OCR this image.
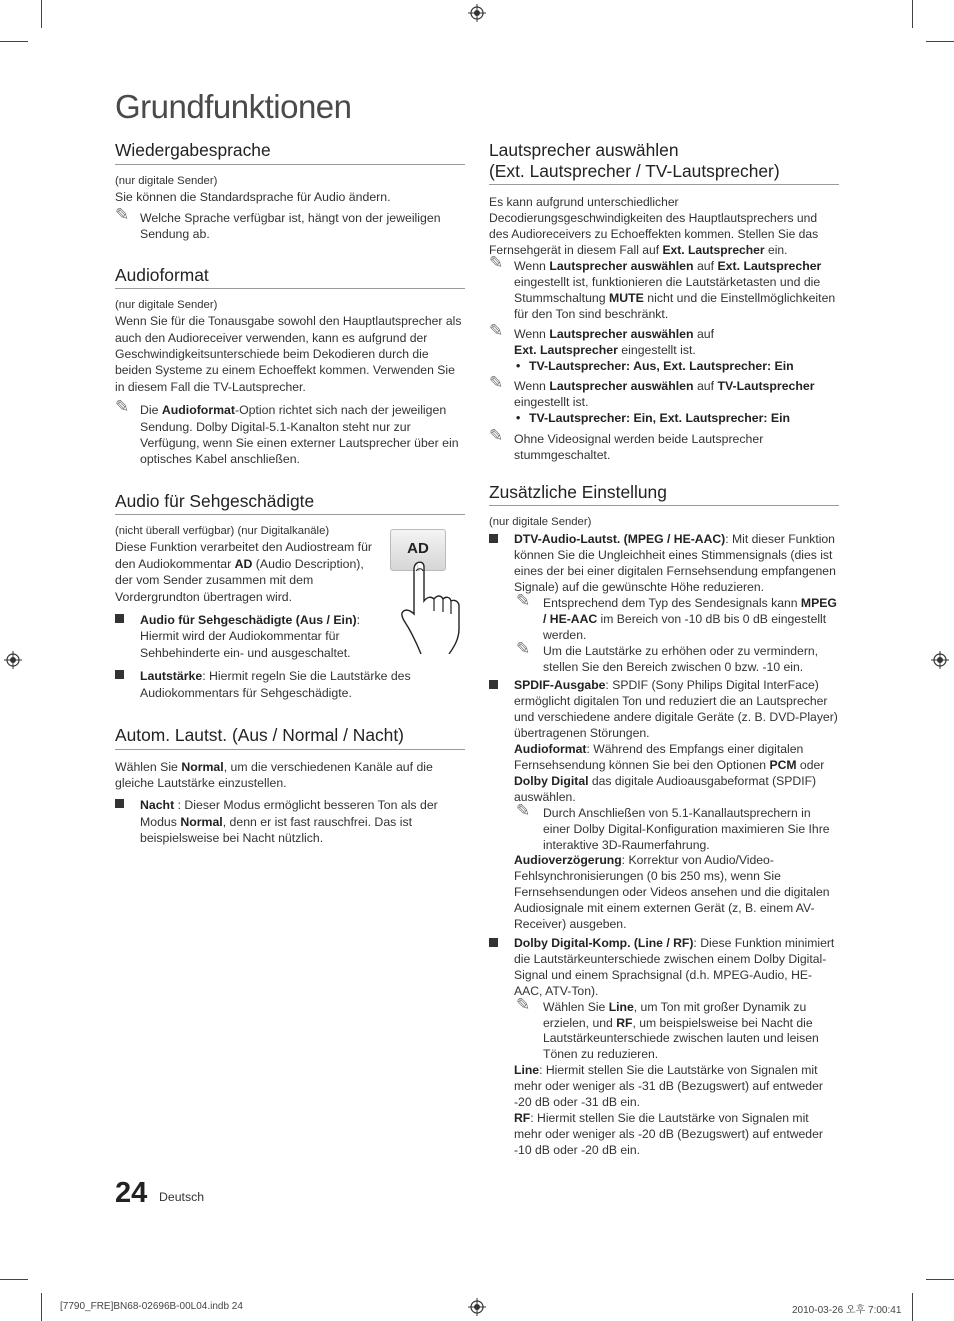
Grundfunktionen
Wiedergabesprache

(nur digitale Sender)

Sie können die Standardsprache für Audio ändern.

✎ Welche Sprache verfügbar ist, hängt von der jeweiligen Sendung ab.

Audioformat

(nur digitale Sender)

Wenn Sie für die Tonausgabe sowohl den Hauptlautsprecher als auch den Audioreceiver verwenden, kann es aufgrund der Geschwindigkeitsunterschiede beim Dekodieren durch die beiden Systeme zu einem Echoeffekt kommen. Verwenden Sie in diesem Fall die TV-Lautsprecher.

✎ Die Audioformat-Option richtet sich nach der jeweiligen Sendung. Dolby Digital-5.1-Kanalton steht nur zur Verfügung, wenn Sie einen externer Lautsprecher über ein optisches Kabel anschließen.

Audio für Sehgeschädigte
AD

(nicht überall verfügbar) (nur Digitalkanäle)

Diese Funktion verarbeitet den Audiostream für den Audiokommentar AD (Audio Description), der vom Sender zusammen mit dem Vordergrundton übertragen wird.

Audio für Sehgeschädigte (Aus / Ein): Hiermit wird der Audiokommentar für Sehbehinderte ein- und ausgeschaltet.

Lautstärke: Hiermit regeln Sie die Lautstärke des Audiokommentars für Sehgeschädigte.

Autom. Lautst. (Aus / Normal / Nacht)

Wählen Sie Normal, um die verschiedenen Kanäle auf die gleiche Lautstärke einzustellen.

Nacht : Dieser Modus ermöglicht besseren Ton als der Modus Normal, denn er ist fast rauschfrei. Das ist beispielsweise bei Nacht nützlich.

Lautsprecher auswählen
(Ext. Lautsprecher / TV-Lautsprecher)

Es kann aufgrund unterschiedlicher Decodierungsgeschwindigkeiten des Hauptlautsprechers und des Audioreceivers zu Echoeffekten kommen. Stellen Sie das Fernsehgerät in diesem Fall auf Ext. Lautsprecher ein.

✎ Wenn Lautsprecher auswählen auf Ext. Lautsprecher eingestellt ist, funktionieren die Lautstärketasten und die Stummschaltung MUTE nicht und die Einstellmöglichkeiten für den Ton sind beschränkt.

✎ Wenn Lautsprecher auswählen auf
Ext. Lautsprecher eingestellt ist.

• TV-Lautsprecher: Aus, Ext. Lautsprecher: Ein

✎ Wenn Lautsprecher auswählen auf TV-Lautsprecher eingestellt ist.

• TV-Lautsprecher: Ein, Ext. Lautsprecher: Ein

✎ Ohne Videosignal werden beide Lautsprecher stummgeschaltet.

Zusätzliche Einstellung

(nur digitale Sender)

DTV-Audio-Lautst. (MPEG / HE-AAC): Mit dieser Funktion können Sie die Ungleichheit eines Stimmensignals (dies ist eines der bei einer digitalen Fernsehsendung empfangenen Signale) auf die gewünschte Höhe reduzieren.

✎ Entsprechend dem Typ des Sendesignals kann MPEG / HE-AAC im Bereich von -10 dB bis 0 dB eingestellt werden.

✎ Um die Lautstärke zu erhöhen oder zu vermindern, stellen Sie den Bereich zwischen 0 bzw. -10 ein.

SPDIF-Ausgabe: SPDIF (Sony Philips Digital InterFace) ermöglicht digitalen Ton und reduziert die an Lautsprecher und verschiedene andere digitale Geräte (z. B. DVD-Player) übertragenen Störungen.

Audioformat: Während des Empfangs einer digitalen Fernsehsendung können Sie bei den Optionen PCM oder Dolby Digital das digitale Audioausgabeformat (SPDIF) auswählen.

✎ Durch Anschließen von 5.1-Kanallautsprechern in einer Dolby Digital-Konfiguration maximieren Sie Ihre interaktive 3D-Raumerfahrung.

Audioverzögerung: Korrektur von Audio/Video-Fehlsynchronisierungen (0 bis 250 ms), wenn Sie Fernsehsendungen oder Videos ansehen und die digitalen Audiosignale mit einem externen Gerät (z, B. einem AV-Receiver) ausgeben.

Dolby Digital-Komp. (Line / RF): Diese Funktion minimiert die Lautstärkeunterschiede zwischen einem Dolby Digital-Signal und einem Sprachsignal (d.h. MPEG-Audio, HE-AAC, ATV-Ton).

✎ Wählen Sie Line, um Ton mit großer Dynamik zu erzielen, und RF, um beispielsweise bei Nacht die Lautstärkeunterschiede zwischen lauten und leisen Tönen zu reduzieren.

Line: Hiermit stellen Sie die Lautstärke von Signalen mit mehr oder weniger als -31 dB (Bezugswert) auf entweder -20 dB oder -31 dB ein.

RF: Hiermit stellen Sie die Lautstärke von Signalen mit mehr oder weniger als -20 dB (Bezugswert) auf entweder -10 dB oder -20 dB ein.

24 Deutsch
[7790_FRE]BN68-02696B-00L04.indb 24	2010-03-26 오후 7:00:41
